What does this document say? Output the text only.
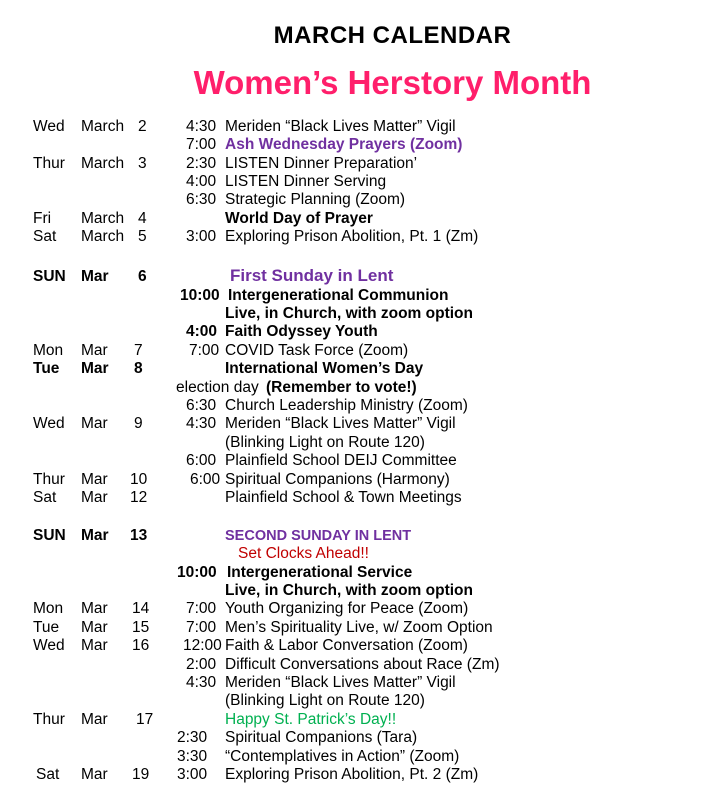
MARCH CALENDAR
Women’s Herstory Month
Wed March 2	4:30 Meriden “Black Lives Matter” Vigil
7:00 Ash Wednesday Prayers (Zoom)
Thur March 3	2:30 LISTEN Dinner Preparation’
4:00 LISTEN Dinner Serving
6:30 Strategic Planning (Zoom)
Fri March 4	World Day of Prayer
Sat March 5	3:00 Exploring Prison Abolition, Pt. 1 (Zm)
SUN Mar 6	First Sunday in Lent
10:00 Intergenerational Communion
Live, in Church, with zoom option
4:00 Faith Odyssey Youth
Mon Mar 7	7:00 COVID Task Force (Zoom)
Tue Mar 8	International Women’s Day
election day (Remember to vote!)
6:30 Church Leadership Ministry (Zoom)
Wed Mar 9	4:30 Meriden “Black Lives Matter” Vigil
(Blinking Light on Route 120)
6:00 Plainfield School DEIJ Committee
Thur Mar 10	6:00 Spiritual Companions (Harmony)
Sat Mar 12	Plainfield School & Town Meetings
SUN Mar 13	SECOND SUNDAY IN LENT
Set Clocks Ahead!!
10:00 Intergenerational Service
Live, in Church, with zoom option
Mon Mar 14 7:00 Youth Organizing for Peace (Zoom)
Tue Mar 15 7:00 Men’s Spirituality Live, w/ Zoom Option
Wed Mar 16 12:00 Faith & Labor Conversation (Zoom)
2:00 Difficult Conversations about Race (Zm)
4:30 Meriden “Black Lives Matter” Vigil
(Blinking Light on Route 120)
Thur Mar 17	Happy St. Patrick’s Day!!
2:30 Spiritual Companions (Tara)
3:30 “Contemplatives in Action” (Zoom)
Sat Mar 19 3:00 Exploring Prison Abolition, Pt. 2 (Zm)
